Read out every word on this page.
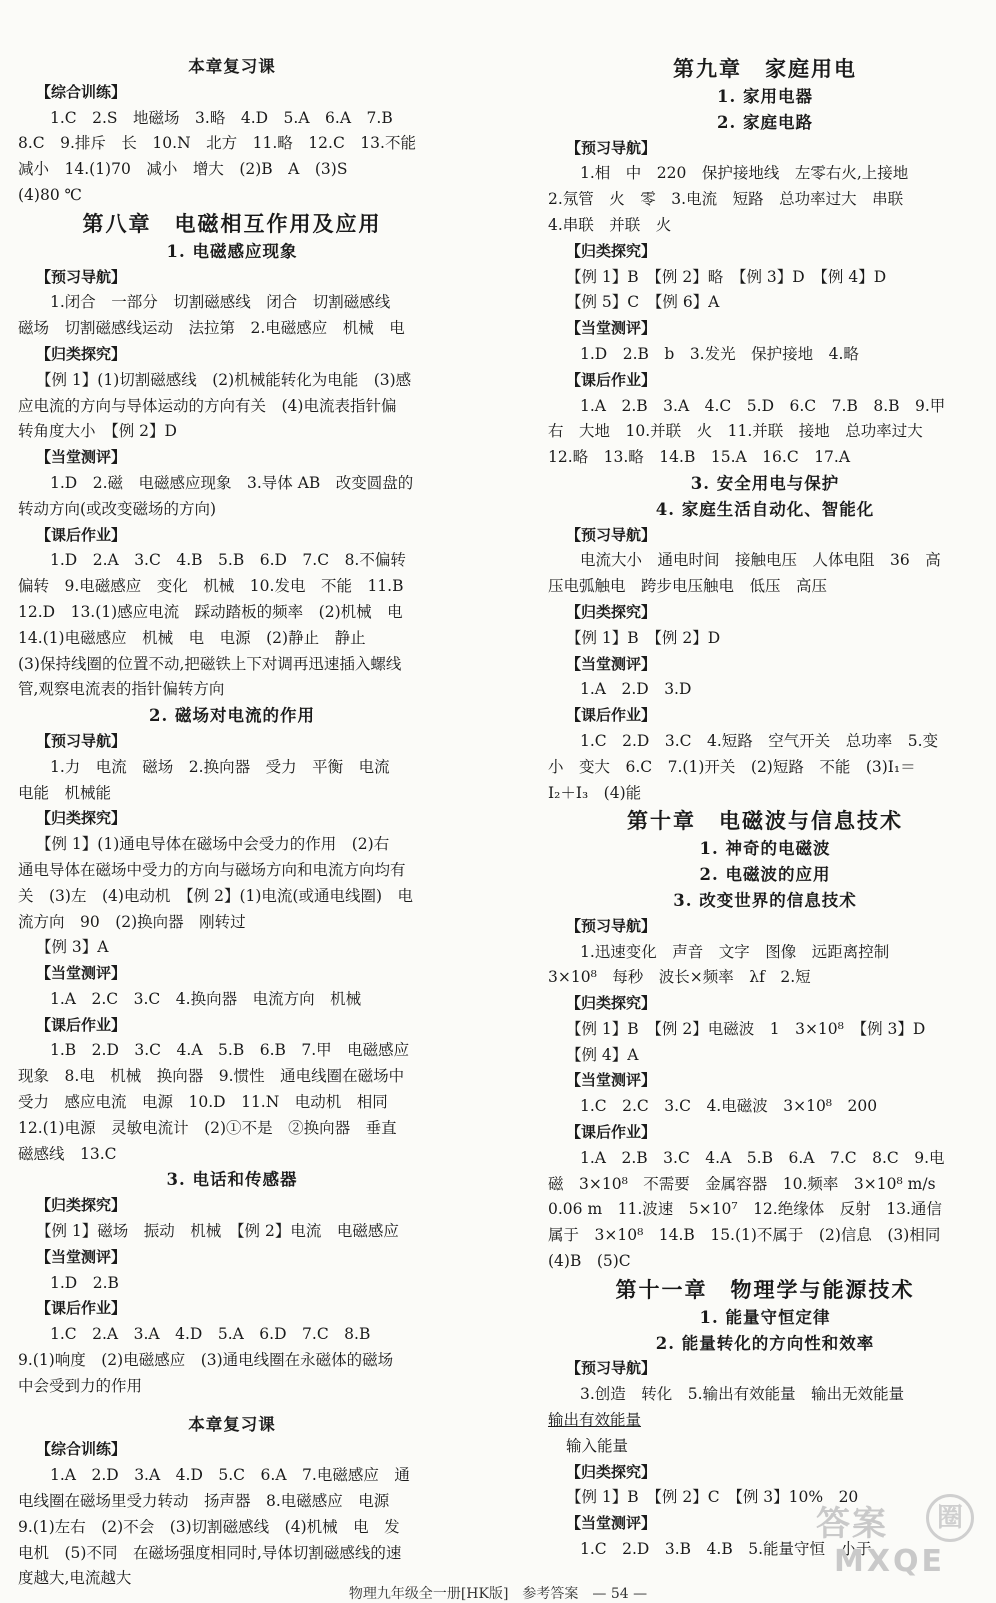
本章复习课
【综合训练】
1.C　2.S　地磁场　3.略　4.D　5.A　6.A　7.B
8.C　9.排斥　长　10.N　北方　11.略　12.C　13.不能
减小　14.(1)70　减小　增大　(2)B　A　(3)S
(4)80 ℃
第八章　电磁相互作用及应用
1. 电磁感应现象
【预习导航】
1.闭合　一部分　切割磁感线　闭合　切割磁感线
磁场　切割磁感线运动　法拉第　2.电磁感应　机械　电
【归类探究】
【例 1】(1)切割磁感线　(2)机械能转化为电能　(3)感
应电流的方向与导体运动的方向有关　(4)电流表指针偏
转角度大小　【例 2】D
【当堂测评】
1.D　2.磁　电磁感应现象　3.导体 AB　改变圆盘的
转动方向(或改变磁场的方向)
【课后作业】
1.D　2.A　3.C　4.B　5.B　6.D　7.C　8.不偏转
偏转　9.电磁感应　变化　机械　10.发电　不能　11.B
12.D　13.(1)感应电流　踩动踏板的频率　(2)机械　电
14.(1)电磁感应　机械　电　电源　(2)静止　静止
(3)保持线圈的位置不动,把磁铁上下对调再迅速插入螺线
管,观察电流表的指针偏转方向
2. 磁场对电流的作用
【预习导航】
1.力　电流　磁场　2.换向器　受力　平衡　电流
电能　机械能
【归类探究】
【例 1】(1)通电导体在磁场中会受力的作用　(2)右
通电导体在磁场中受力的方向与磁场方向和电流方向均有
关　(3)左　(4)电动机　【例 2】(1)电流(或通电线圈)　电
流方向　90　(2)换向器　刚转过
【例 3】A
【当堂测评】
1.A　2.C　3.C　4.换向器　电流方向　机械
【课后作业】
1.B　2.D　3.C　4.A　5.B　6.B　7.甲　电磁感应
现象　8.电　机械　换向器　9.惯性　通电线圈在磁场中
受力　感应电流　电源　10.D　11.N　电动机　相同
12.(1)电源　灵敏电流计　(2)①不是　②换向器　垂直
磁感线　13.C
3. 电话和传感器
【归类探究】
【例 1】磁场　振动　机械　【例 2】电流　电磁感应
【当堂测评】
1.D　2.B
【课后作业】
1.C　2.A　3.A　4.D　5.A　6.D　7.C　8.B
9.(1)响度　(2)电磁感应　(3)通电线圈在永磁体的磁场
中会受到力的作用
本章复习课
【综合训练】
1.A　2.D　3.A　4.D　5.C　6.A　7.电磁感应　通
电线圈在磁场里受力转动　扬声器　8.电磁感应　电源
9.(1)左右　(2)不会　(3)切割磁感线　(4)机械　电　发
电机　(5)不同　在磁场强度相同时,导体切割磁感线的速
度越大,电流越大
第九章　家庭用电
1. 家用电器
2. 家庭电路
【预习导航】
1.相　中　220　保护接地线　左零右火,上接地
2.氖管　火　零　3.电流　短路　总功率过大　串联
4.串联　并联　火
【归类探究】
【例 1】B　【例 2】略　【例 3】D　【例 4】D
【例 5】C　【例 6】A
【当堂测评】
1.D　2.B　b　3.发光　保护接地　4.略
【课后作业】
1.A　2.B　3.A　4.C　5.D　6.C　7.B　8.B　9.甲
右　大地　10.并联　火　11.并联　接地　总功率过大
12.略　13.略　14.B　15.A　16.C　17.A
3. 安全用电与保护
4. 家庭生活自动化、智能化
【预习导航】
电流大小　通电时间　接触电压　人体电阻　36　高
压电弧触电　跨步电压触电　低压　高压
【归类探究】
【例 1】B　【例 2】D
【当堂测评】
1.A　2.D　3.D
【课后作业】
1.C　2.D　3.C　4.短路　空气开关　总功率　5.变
小　变大　6.C　7.(1)开关　(2)短路　不能　(3)I₁＝
I₂＋I₃　(4)能
第十章　电磁波与信息技术
1. 神奇的电磁波
2. 电磁波的应用
3. 改变世界的信息技术
【预习导航】
1.迅速变化　声音　文字　图像　远距离控制
3×10⁸　每秒　波长×频率　λf　2.短
【归类探究】
【例 1】B　【例 2】电磁波　1　3×10⁸　【例 3】D
【例 4】A
【当堂测评】
1.C　2.C　3.C　4.电磁波　3×10⁸　200
【课后作业】
1.A　2.B　3.C　4.A　5.B　6.A　7.C　8.C　9.电
磁　3×10⁸　不需要　金属容器　10.频率　3×10⁸ m/s
0.06 m　11.波速　5×10⁷　12.绝缘体　反射　13.通信
属于　3×10⁸　14.B　15.(1)不属于　(2)信息　(3)相同
(4)B　(5)C
第十一章　物理学与能源技术
1. 能量守恒定律
2. 能量转化的方向性和效率
【预习导航】
3.创造　转化　5.输出有效能量　输出无效能量
输出有效能量
输入能量
【归类探究】
【例 1】B　【例 2】C　【例 3】10%　20
【当堂测评】
1.C　2.D　3.B　4.B　5.能量守恒　小于
物理九年级全一册[HK版]　参考答案　— 54 —
答案	圈
MXQE
